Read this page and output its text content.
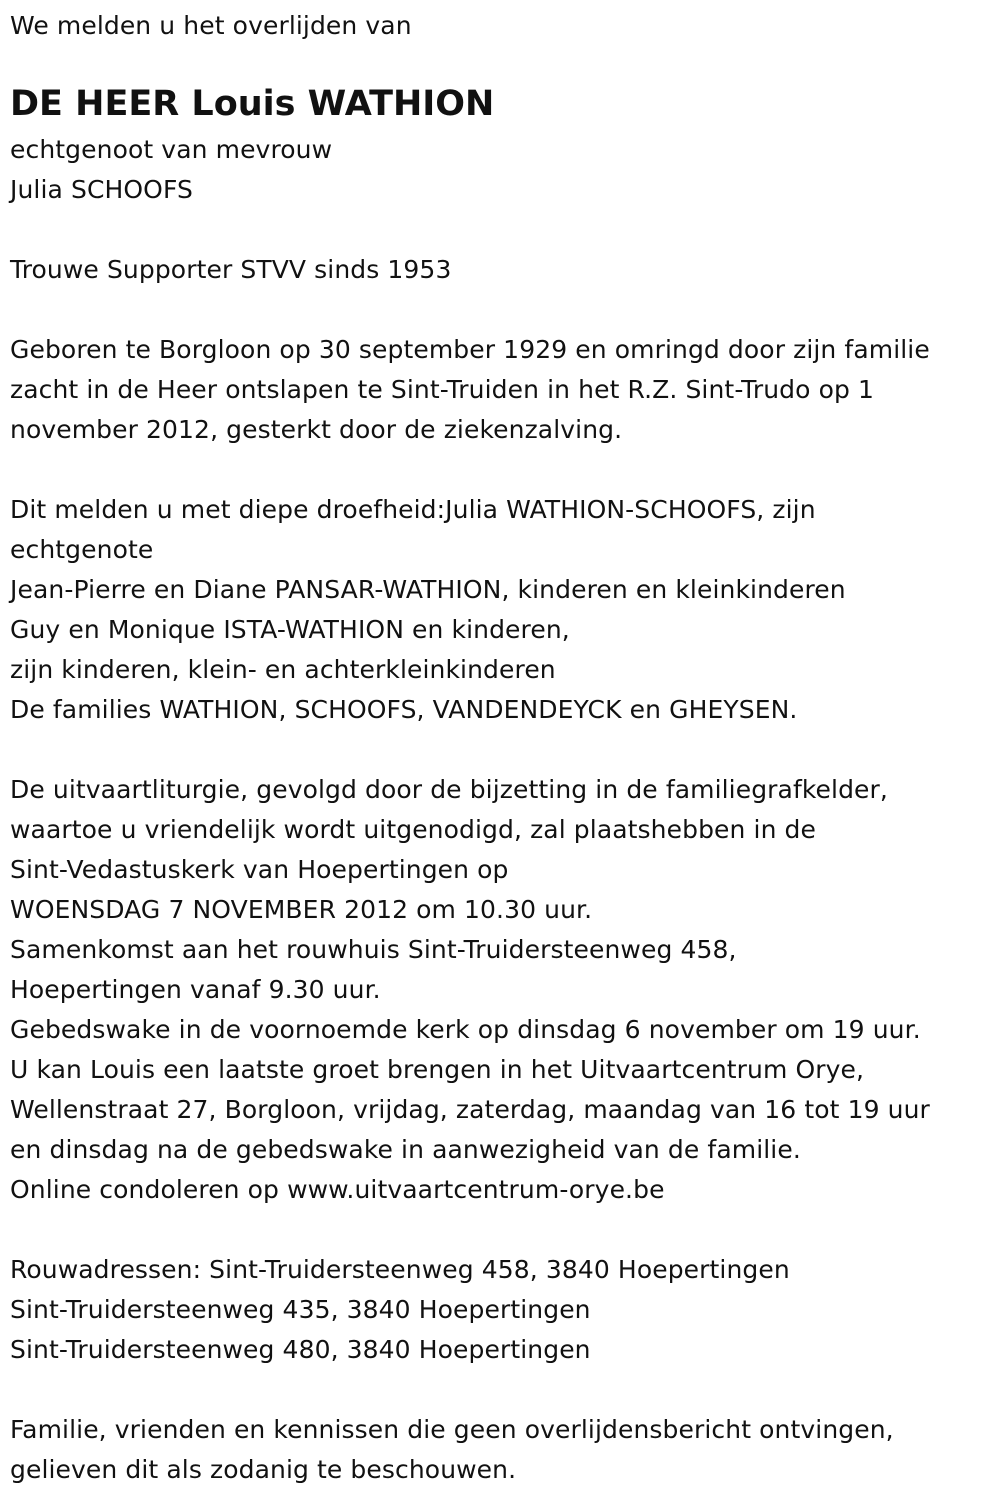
We melden u het overlijden van
DE HEER Louis WATHION
echtgenoot van mevrouw
Julia SCHOOFS
Trouwe Supporter STVV sinds 1953
Geboren te Borgloon op 30 september 1929 en omringd door zijn familie
zacht in de Heer ontslapen te Sint-Truiden in het R.Z. Sint-Trudo op 1
november 2012, gesterkt door de ziekenzalving.
Dit melden u met diepe droefheid:Julia WATHION-SCHOOFS, zijn
echtgenote
Jean-Pierre en Diane PANSAR-WATHION, kinderen en kleinkinderen
Guy en Monique ISTA-WATHION en kinderen,
zijn kinderen, klein- en achterkleinkinderen
De families WATHION, SCHOOFS, VANDENDEYCK en GHEYSEN.
De uitvaartliturgie, gevolgd door de bijzetting in de familiegrafkelder,
waartoe u vriendelijk wordt uitgenodigd, zal plaatshebben in de
Sint-Vedastuskerk van Hoepertingen op
WOENSDAG 7 NOVEMBER 2012 om 10.30 uur.
Samenkomst aan het rouwhuis Sint-Truidersteenweg 458,
Hoepertingen vanaf 9.30 uur.
Gebedswake in de voornoemde kerk op dinsdag 6 november om 19 uur.
U kan Louis een laatste groet brengen in het Uitvaartcentrum Orye,
Wellenstraat 27, Borgloon, vrijdag, zaterdag, maandag van 16 tot 19 uur
en dinsdag na de gebedswake in aanwezigheid van de familie.
Online condoleren op www.uitvaartcentrum-orye.be
Rouwadressen: Sint-Truidersteenweg 458, 3840 Hoepertingen
Sint-Truidersteenweg 435, 3840 Hoepertingen
Sint-Truidersteenweg 480, 3840 Hoepertingen
Familie, vrienden en kennissen die geen overlijdensbericht ontvingen,
gelieven dit als zodanig te beschouwen.
